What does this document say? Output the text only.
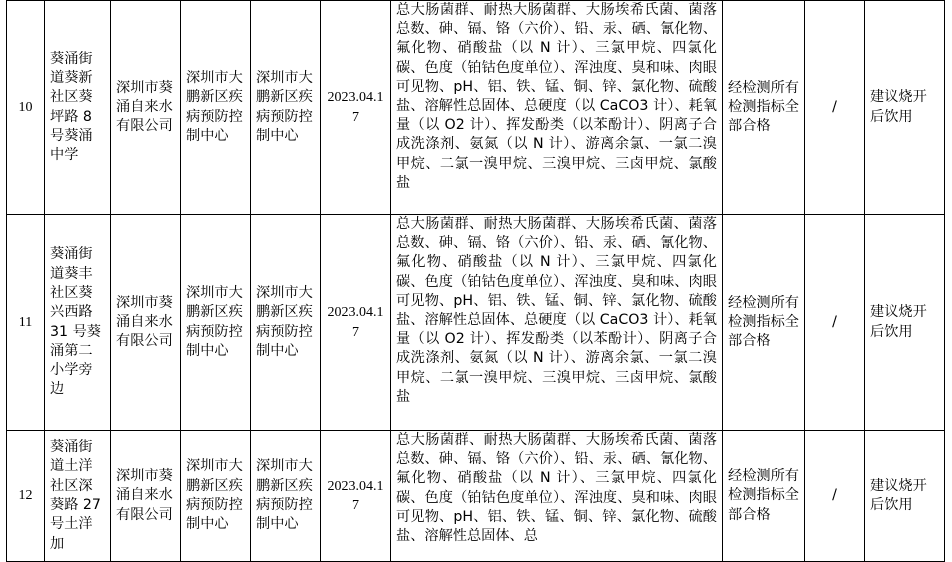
10	葵涌街道葵新社区葵坪路 8 号葵涌中学	深圳市葵涌自来水有限公司	深圳市大鹏新区疾病预防控制中心	深圳市大鹏新区疾病预防控制中心	2023.04.17	总大肠菌群、耐热大肠菌群、大肠埃希氏菌、菌落总数、砷、镉、铬（六价）、铅、汞、硒、氰化物、氟化物、硝酸盐（以 N 计）、三氯甲烷、四氯化碳、色度（铂钴色度单位）、浑浊度、臭和味、肉眼可见物、pH、铝、铁、锰、铜、锌、氯化物、硫酸盐、溶解性总固体、总硬度（以 CaCO3 计）、耗氧量（以 O2 计）、挥发酚类（以苯酚计）、阴离子合成洗涤剂、氨氮（以 N 计）、游离余氯、一氯二溴甲烷、二氯一溴甲烷、三溴甲烷、三卤甲烷、氯酸盐	经检测所有检测指标全部合格	/	建议烧开后饮用
11	葵涌街道葵丰社区葵兴西路 31 号葵涌第二小学旁边	深圳市葵涌自来水有限公司	深圳市大鹏新区疾病预防控制中心	深圳市大鹏新区疾病预防控制中心	2023.04.17	总大肠菌群、耐热大肠菌群、大肠埃希氏菌、菌落总数、砷、镉、铬（六价）、铅、汞、硒、氰化物、氟化物、硝酸盐（以 N 计）、三氯甲烷、四氯化碳、色度（铂钴色度单位）、浑浊度、臭和味、肉眼可见物、pH、铝、铁、锰、铜、锌、氯化物、硫酸盐、溶解性总固体、总硬度（以 CaCO3 计）、耗氧量（以 O2 计）、挥发酚类（以苯酚计）、阴离子合成洗涤剂、氨氮（以 N 计）、游离余氯、一氯二溴甲烷、二氯一溴甲烷、三溴甲烷、三卤甲烷、氯酸盐	经检测所有检测指标全部合格	/	建议烧开后饮用
12	葵涌街道土洋社区深葵路 27 号土洋加	深圳市葵涌自来水有限公司	深圳市大鹏新区疾病预防控制中心	深圳市大鹏新区疾病预防控制中心	2023.04.17	总大肠菌群、耐热大肠菌群、大肠埃希氏菌、菌落总数、砷、镉、铬（六价）、铅、汞、硒、氰化物、氟化物、硝酸盐（以 N 计）、三氯甲烷、四氯化碳、色度（铂钴色度单位）、浑浊度、臭和味、肉眼可见物、pH、铝、铁、锰、铜、锌、氯化物、硫酸盐、溶解性总固体、总	经检测所有检测指标全部合格	/	建议烧开后饮用
